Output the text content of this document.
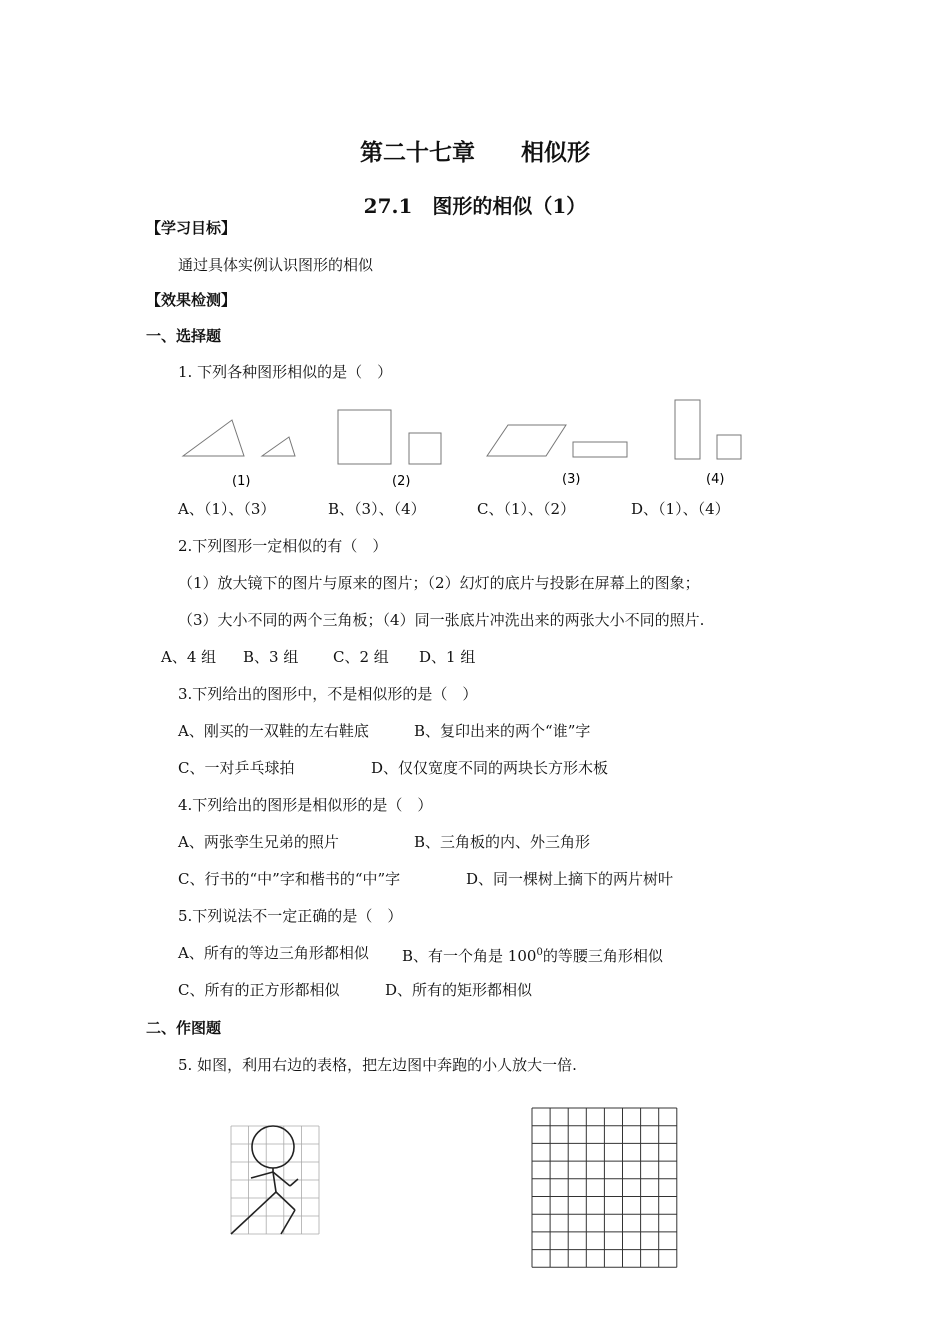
第二十七章　　相似形
27.1　图形的相似（1）
【学习目标】
通过具体实例认识图形的相似
【效果检测】
一、选择题
1. 下列各种图形相似的是（　）
(1)	(2)	(3)	(4)
A、（1）、（3）	B、（3）、（4）	C、（1）、（2）	D、（1）、（4）
2.下列图形一定相似的有（　）
（1）放大镜下的图片与原来的图片；（2）幻灯的底片与投影在屏幕上的图象；
（3）大小不同的两个三角板；（4）同一张底片冲洗出来的两张大小不同的照片.
A、4 组 B、3 组 C、2 组 D、1 组
3.下列给出的图形中，不是相似形的是（　）
A、刚买的一双鞋的左右鞋底	B、复印出来的两个“谁”字
C、一对乒乓球拍	D、仅仅宽度不同的两块长方形木板
4.下列给出的图形是相似形的是（　）
A、两张孪生兄弟的照片	B、三角板的内、外三角形
C、行书的“中”字和楷书的“中”字	D、同一棵树上摘下的两片树叶
5.下列说法不一定正确的是（　）
A、所有的等边三角形都相似 B、有一个角是 $100^0$的等腰三角形相似
C、所有的正方形都相似	D、所有的矩形都相似
二、作图题
5. 如图，利用右边的表格，把左边图中奔跑的小人放大一倍.
